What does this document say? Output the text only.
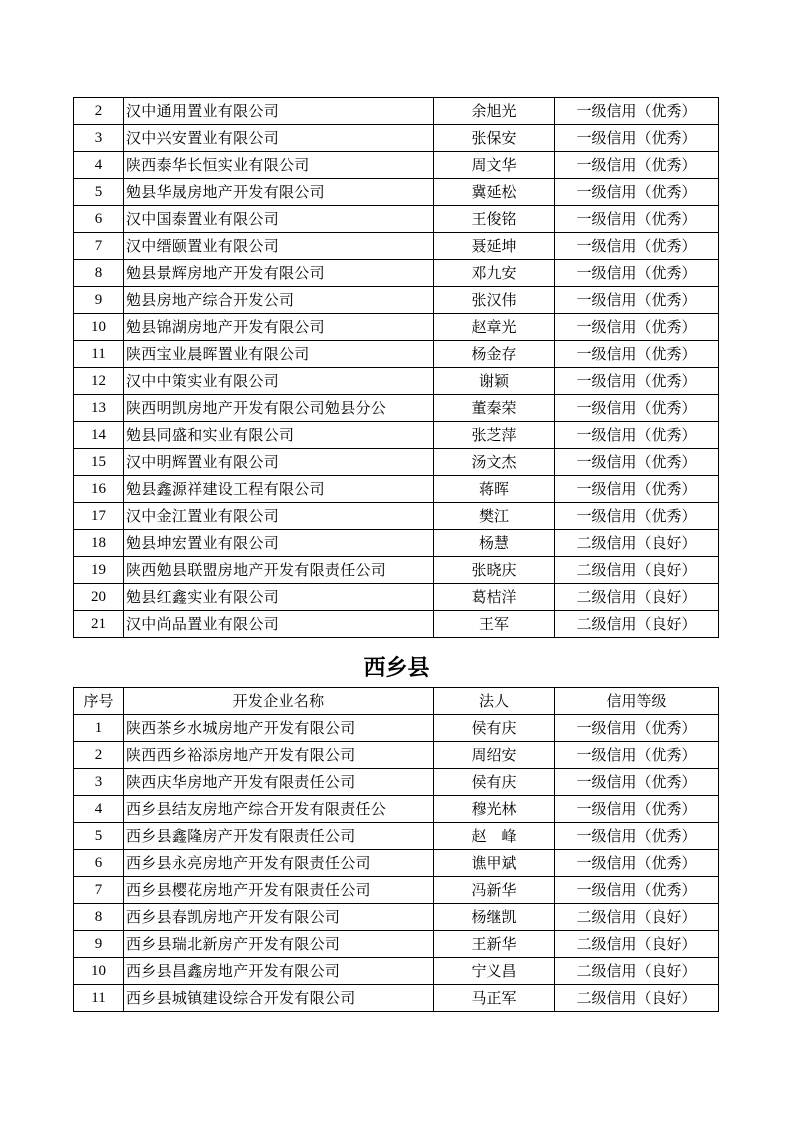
2	汉中通用置业有限公司	余旭光	一级信用（优秀）
3	汉中兴安置业有限公司	张保安	一级信用（优秀）
4	陕西泰华长恒实业有限公司	周文华	一级信用（优秀）
5	勉县华晟房地产开发有限公司	冀延松	一级信用（优秀）
6	汉中国泰置业有限公司	王俊铭	一级信用（优秀）
7	汉中缙颐置业有限公司	聂延坤	一级信用（优秀）
8	勉县景辉房地产开发有限公司	邓九安	一级信用（优秀）
9	勉县房地产综合开发公司	张汉伟	一级信用（优秀）
10	勉县锦湖房地产开发有限公司	赵章光	一级信用（优秀）
11	陕西宝业晨晖置业有限公司	杨金存	一级信用（优秀）
12	汉中中策实业有限公司	谢颖	一级信用（优秀）
13	陕西明凯房地产开发有限公司勉县分公	董秦荣	一级信用（优秀）
14	勉县同盛和实业有限公司	张芝萍	一级信用（优秀）
15	汉中明辉置业有限公司	汤文杰	一级信用（优秀）
16	勉县鑫源祥建设工程有限公司	蒋晖	一级信用（优秀）
17	汉中金江置业有限公司	樊江	一级信用（优秀）
18	勉县坤宏置业有限公司	杨慧	二级信用（良好）
19	陕西勉县联盟房地产开发有限责任公司	张晓庆	二级信用（良好）
20	勉县红鑫实业有限公司	葛桔洋	二级信用（良好）
21	汉中尚品置业有限公司	王军	二级信用（良好）
西乡县
序号	开发企业名称	法人	信用等级
1	陕西茶乡水城房地产开发有限公司	侯有庆	一级信用（优秀）
2	陕西西乡裕添房地产开发有限公司	周绍安	一级信用（优秀）
3	陕西庆华房地产开发有限责任公司	侯有庆	一级信用（优秀）
4	西乡县结友房地产综合开发有限责任公	穆光林	一级信用（优秀）
5	西乡县鑫隆房产开发有限责任公司	赵　峰	一级信用（优秀）
6	西乡县永亮房地产开发有限责任公司	谯甲斌	一级信用（优秀）
7	西乡县樱花房地产开发有限责任公司	冯新华	一级信用（优秀）
8	西乡县春凯房地产开发有限公司	杨继凯	二级信用（良好）
9	西乡县瑞北新房产开发有限公司	王新华	二级信用（良好）
10	西乡县昌鑫房地产开发有限公司	宁义昌	二级信用（良好）
11	西乡县城镇建设综合开发有限公司	马正军	二级信用（良好）
